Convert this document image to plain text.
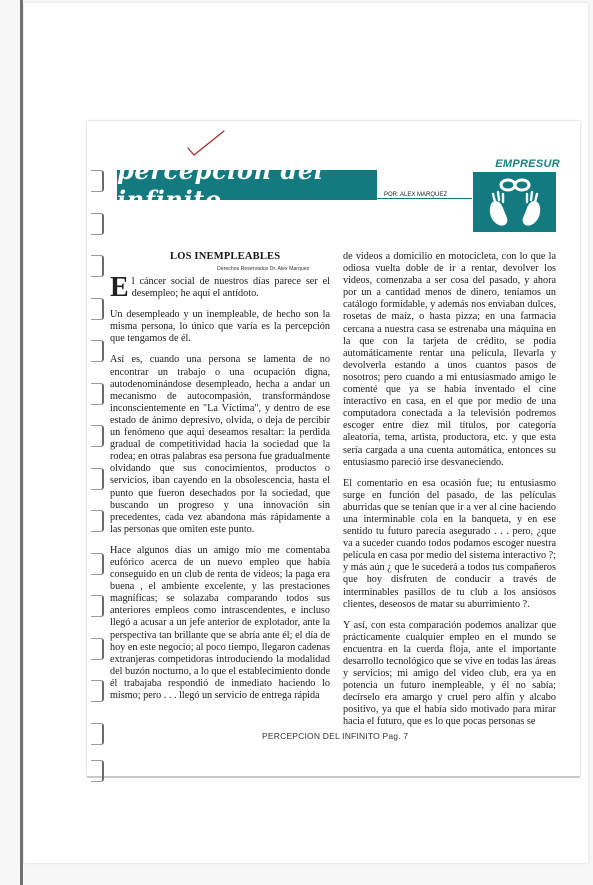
EMPRESUR
percepción del infinito	POR: ALEX MARQUEZ
LOS INEMPLEABLES
Derechos Reservados Dr. Alex Marquez

El cáncer social de nuestros días parece ser el desempleo; he aquí el antídoto.

Un desempleado y un inempleable, de hecho son la misma persona, lo único que varía es la percepción que tengamos de él.

Así es, cuando una persona se lamenta de no encontrar un trabajo o una ocupación digna, autodenominándose desempleado, hecha a andar un mecanismo de autocompasión, transformándose inconscientemente en "La Víctima", y dentro de ese estado de ánimo depresivo, olvida, o deja de percibir un fenómeno que aquí deseamos resaltar: la perdida gradual de competitividad hacia la sociedad que la rodea; en otras palabras esa persona fue gradualmente olvidando que sus conocimientos, productos o servicios, iban cayendo en la obsolescencia, hasta el punto que fueron desechados por la sociedad, que buscando un progreso y una innovación sin precedentes, cada vez abandona más rápidamente a las personas que omiten este punto.

Hace algunos días un amigo mío me comentaba eufórico acerca de un nuevo empleo que había conseguido en un club de renta de videos; la paga era buena , el ambiente excelente, y las prestaciones magníficas; se solazaba comparando todos sus anteriores empleos como intrascendentes, e incluso llegó a acusar a un jefe anterior de explotador, ante la perspectiva tan brillante que se abría ante él; el día de hoy en este negocio; al poco tiempo, llegaron cadenas extranjeras competidoras introduciendo la modalidad del buzón nocturno, a lo que el establecimiento donde él trabajaba respondió de inmediato haciendo lo mismo; pero . . . llegó un servicio de entrega rápida

de videos a domicilio en motocicleta, con lo que la odiosa vuelta doble de ir a rentar, devolver los videos, comenzaba a ser cosa del pasado, y ahora por un a cantidad menos de dinero, teníamos un catálogo formidable, y además nos enviaban dulces, rosetas de maíz, o hasta pizza; en una farmacia cercana a nuestra casa se estrenaba una máquina en la que con la tarjeta de crédito, se podía automáticamente rentar una película, llevarla y devolverla estando a unos cuantos pasos de nosotros; pero cuando a mi entusiasmado amigo le comenté que ya se había inventado el cine interactivo en casa, en el que por medio de una computadora conectada a la televisión podremos escoger entre diez mil títulos, por categoría aleatoria, tema, artista, productora, etc. y que esta sería cargada a una cuenta automática, entonces su entusiasmo pareció irse desvaneciendo.

El comentario en esa ocasión fue; tu entusiasmo surge en función del pasado, de las películas aburridas que se tenían que ir a ver al cine haciendo una interminable cola en la banqueta, y en ese sentido tu futuro parecía asegurado . . . pero, ¿que va a suceder cuando todos podamos escoger nuestra película en casa por medio del sistema interactivo ?; y más aún ¿ que le sucederá a todos tus compañeros que hoy disfruten de conducir a través de interminables pasillos de tu club a los ansiosos clientes, deseosos de matar su aburrimiento ?.

Y así, con esta comparación podemos analizar que prácticamente cualquier empleo en el mundo se encuentra en la cuerda floja, ante el importante desarrollo tecnológico que se vive en todas las áreas y servicios; mi amigo del video club, era ya en potencia un futuro inempleable, y él no sabía; decírselo era amargo y cruel pero alfín y alcabo positivo, ya que el había sido motivado para mirar hacia el futuro, que es lo que pocas personas se

PERCEPCION DEL INFINITO Pag. 7
